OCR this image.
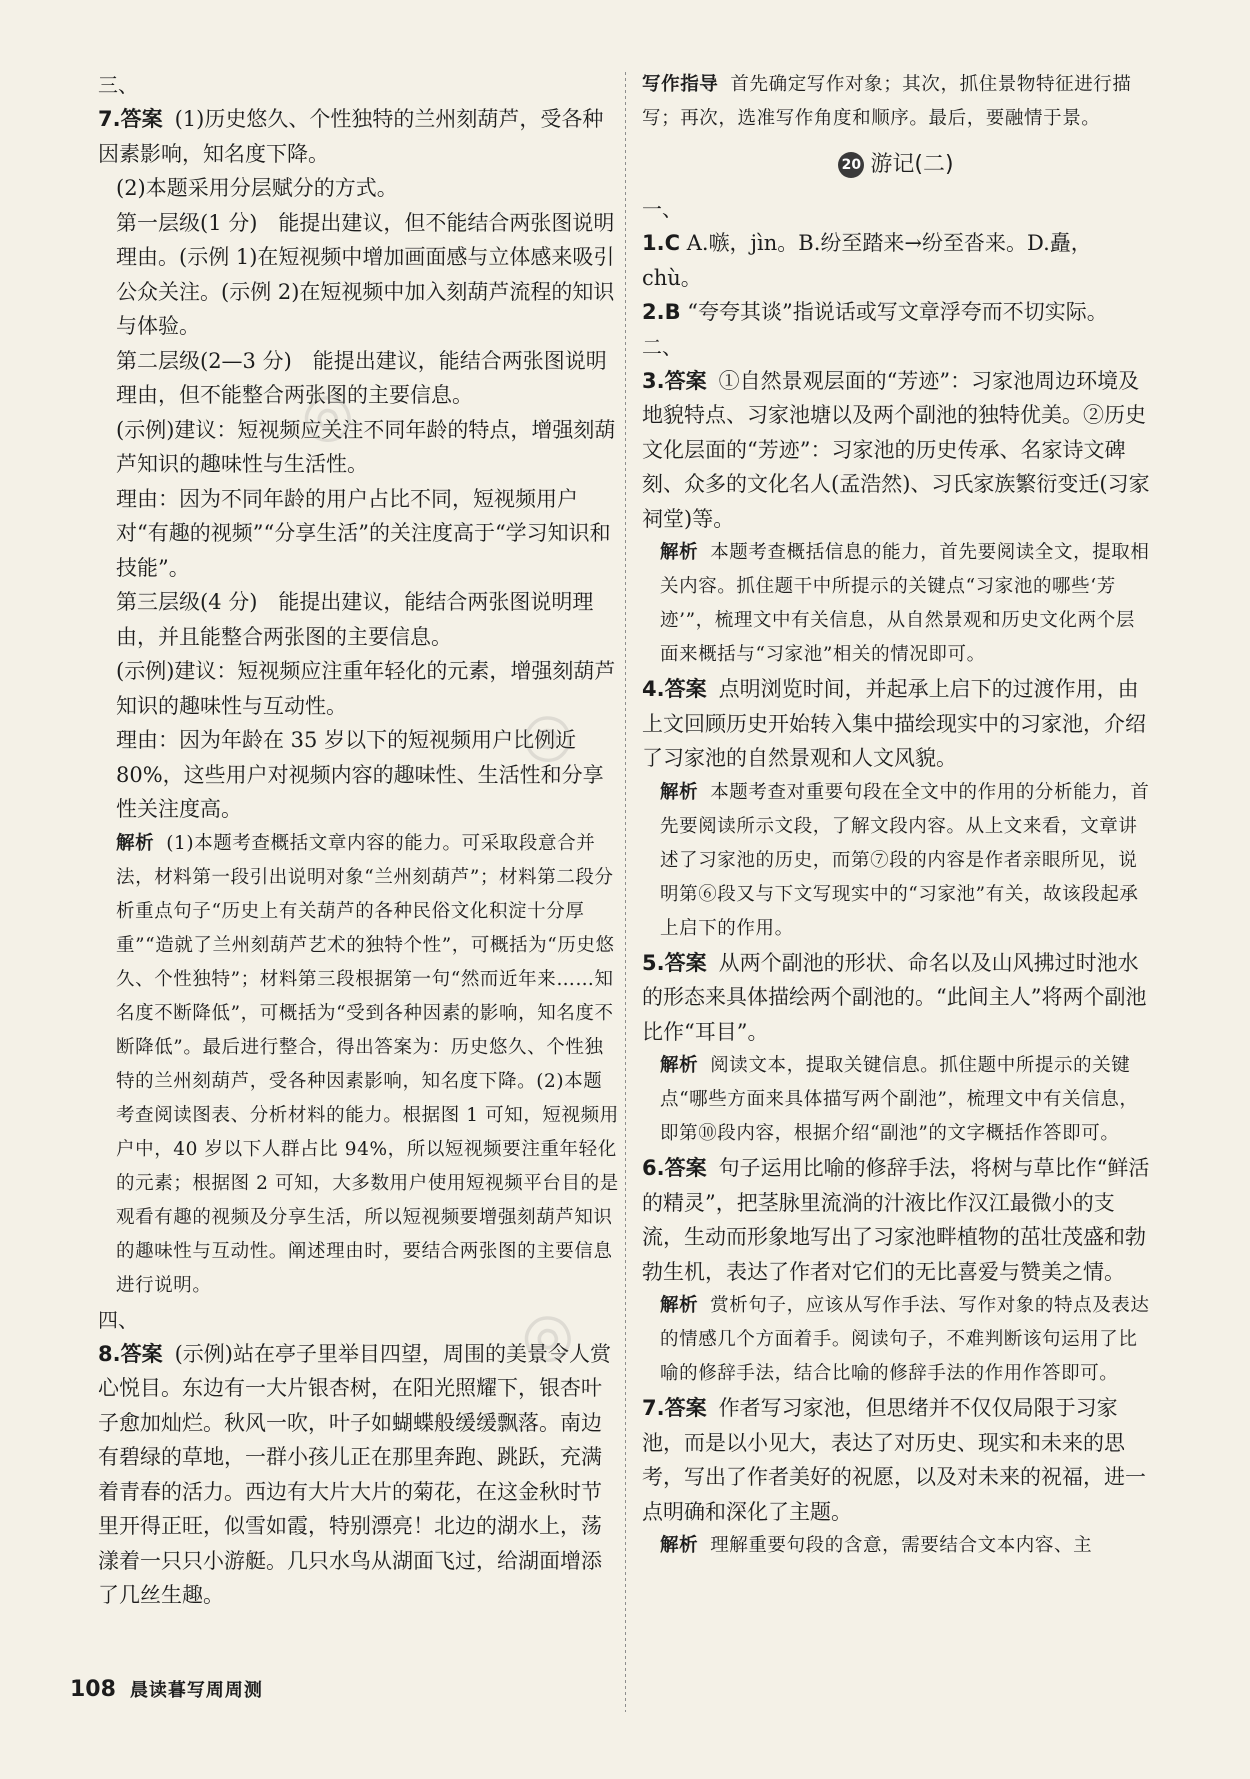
三、
7.答案 (1)历史悠久、个性独特的兰州刻葫芦，受各种因素影响，知名度下降。
(2)本题采用分层赋分的方式。
第一层级(1 分)　能提出建议，但不能结合两张图说明理由。(示例 1)在短视频中增加画面感与立体感来吸引公众关注。(示例 2)在短视频中加入刻葫芦流程的知识与体验。
第二层级(2—3 分)　能提出建议，能结合两张图说明理由，但不能整合两张图的主要信息。
(示例)建议：短视频应关注不同年龄的特点，增强刻葫芦知识的趣味性与生活性。
理由：因为不同年龄的用户占比不同，短视频用户对“有趣的视频”“分享生活”的关注度高于“学习知识和技能”。
第三层级(4 分)　能提出建议，能结合两张图说明理由，并且能整合两张图的主要信息。
(示例)建议：短视频应注重年轻化的元素，增强刻葫芦知识的趣味性与互动性。
理由：因为年龄在 35 岁以下的短视频用户比例近 80%，这些用户对视频内容的趣味性、生活性和分享性关注度高。
解析 (1)本题考查概括文章内容的能力。可采取段意合并法，材料第一段引出说明对象“兰州刻葫芦”；材料第二段分析重点句子“历史上有关葫芦的各种民俗文化积淀十分厚重”“造就了兰州刻葫芦艺术的独特个性”，可概括为“历史悠久、个性独特”；材料第三段根据第一句“然而近年来……知名度不断降低”，可概括为“受到各种因素的影响，知名度不断降低”。最后进行整合，得出答案为：历史悠久、个性独特的兰州刻葫芦，受各种因素影响，知名度下降。(2)本题考查阅读图表、分析材料的能力。根据图 1 可知，短视频用户中，40 岁以下人群占比 94%，所以短视频要注重年轻化的元素；根据图 2 可知，大多数用户使用短视频平台目的是观看有趣的视频及分享生活，所以短视频要增强刻葫芦知识的趣味性与互动性。阐述理由时，要结合两张图的主要信息进行说明。
四、
8.答案 (示例)站在亭子里举目四望，周围的美景令人赏心悦目。东边有一大片银杏树，在阳光照耀下，银杏叶子愈加灿烂。秋风一吹，叶子如蝴蝶般缓缓飘落。南边有碧绿的草地，一群小孩儿正在那里奔跑、跳跃，充满着青春的活力。西边有大片大片的菊花，在这金秋时节里开得正旺，似雪如霞，特别漂亮！北边的湖水上，荡漾着一只只小游艇。几只水鸟从湖面飞过，给湖面增添了几丝生趣。
写作指导 首先确定写作对象；其次，抓住景物特征进行描写；再次，选准写作角度和顺序。最后，要融情于景。
20 游记(二)
一、
1.C A.嗾，jìn。B.纷至踏来→纷至沓来。D.矗，chù。
2.B “夸夸其谈”指说话或写文章浮夸而不切实际。
二、
3.答案 ①自然景观层面的“芳迹”：习家池周边环境及地貌特点、习家池塘以及两个副池的独特优美。②历史文化层面的“芳迹”：习家池的历史传承、名家诗文碑刻、众多的文化名人(孟浩然)、习氏家族繁衍变迁(习家祠堂)等。
解析 本题考查概括信息的能力，首先要阅读全文，提取相关内容。抓住题干中所提示的关键点“习家池的哪些‘芳迹’”，梳理文中有关信息，从自然景观和历史文化两个层面来概括与“习家池”相关的情况即可。
4.答案 点明浏览时间，并起承上启下的过渡作用，由上文回顾历史开始转入集中描绘现实中的习家池，介绍了习家池的自然景观和人文风貌。
解析 本题考查对重要句段在全文中的作用的分析能力，首先要阅读所示文段，了解文段内容。从上文来看，文章讲述了习家池的历史，而第⑦段的内容是作者亲眼所见，说明第⑥段又与下文写现实中的“习家池”有关，故该段起承上启下的作用。
5.答案 从两个副池的形状、命名以及山风拂过时池水的形态来具体描绘两个副池的。“此间主人”将两个副池比作“耳目”。
解析 阅读文本，提取关键信息。抓住题中所提示的关键点“哪些方面来具体描写两个副池”，梳理文中有关信息，即第⑩段内容，根据介绍“副池”的文字概括作答即可。
6.答案 句子运用比喻的修辞手法，将树与草比作“鲜活的精灵”，把茎脉里流淌的汁液比作汉江最微小的支流，生动而形象地写出了习家池畔植物的茁壮茂盛和勃勃生机，表达了作者对它们的无比喜爱与赞美之情。
解析 赏析句子，应该从写作手法、写作对象的特点及表达的情感几个方面着手。阅读句子，不难判断该句运用了比喻的修辞手法，结合比喻的修辞手法的作用作答即可。
7.答案 作者写习家池，但思绪并不仅仅局限于习家池，而是以小见大，表达了对历史、现实和未来的思考，写出了作者美好的祝愿，以及对未来的祝福，进一点明确和深化了主题。
解析 理解重要句段的含意，需要结合文本内容、主
108 晨读暮写周周测
◎
◎
◎
